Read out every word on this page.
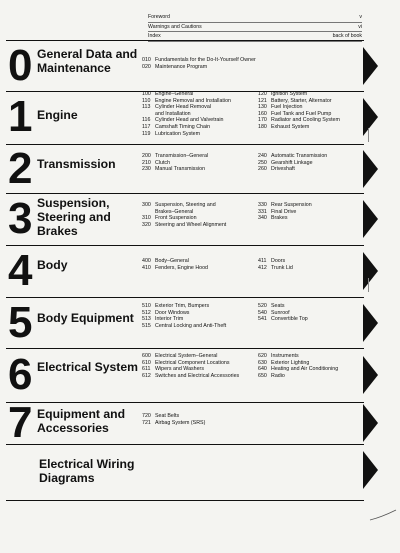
Foreword	v
Warnings and Cautions	vi
Index	back of book
0 General Data and
Maintenance
010 Fundamentals for the Do-It-Yourself Owner
020 Maintenance Program
1 Engine
100 Engine–General
110 Engine Removal and Installation
113 Cylinder Head Removal
and Installation
116 Cylinder Head and Valvetrain
117 Camshaft Timing Chain
119 Lubrication System
120 Ignition System
121 Battery, Starter, Alternator
130 Fuel Injection
160 Fuel Tank and Fuel Pump
170 Radiator and Cooling System
180 Exhaust System
2 Transmission
200 Transmission–General
210 Clutch
230 Manual Transmission
240 Automatic Transmission
250 Gearshift Linkage
260 Driveshaft
3 Suspension,
Steering and
Brakes
300 Suspension, Steering and
Brakes–General
310 Front Suspension
320 Steering and Wheel Alignment
330 Rear Suspension
331 Final Drive
340 Brakes
4 Body	400 Body–General
410 Fenders, Engine Hood
411 Doors
412 Trunk Lid
5 Body Equipment
510 Exterior Trim, Bumpers
512 Door Windows
513 Interior Trim
515 Central Locking and Anti-Theft
520 Seats
540 Sunroof
541 Convertible Top
6 Electrical System
600 Electrical System–General
610 Electrical Component Locations
611 Wipers and Washers
612 Switches and Electrical Accessories
620 Instruments
630 Exterior Lighting
640 Heating and Air Conditioning
650 Radio
7 Equipment and
Accessories
720 Seat Belts
721 Airbag System (SRS)
Electrical Wiring
Diagrams
